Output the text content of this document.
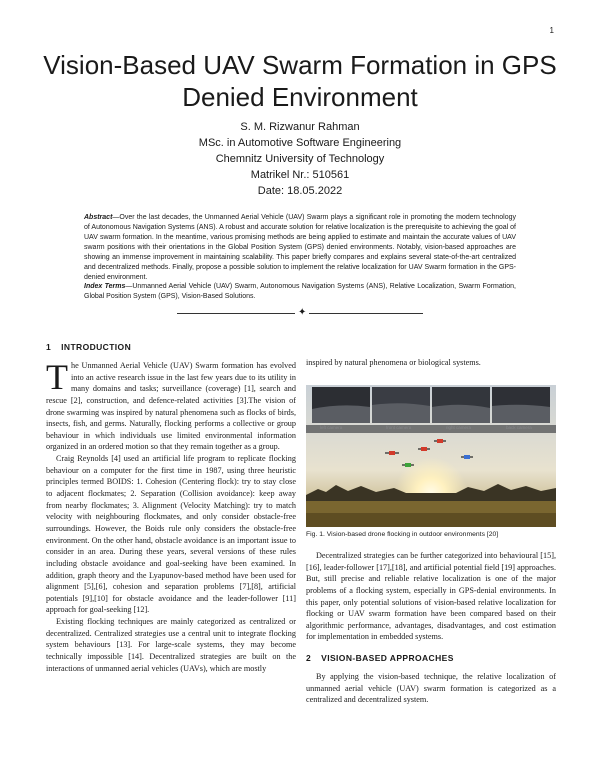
1
Vision-Based UAV Swarm Formation in GPS Denied Environment
S. M. Rizwanur Rahman
MSc. in Automotive Software Engineering
Chemnitz University of Technology
Matrikel Nr.: 510561
Date: 18.05.2022

Abstract—Over the last decades, the Unmanned Aerial Vehicle (UAV) Swarm plays a significant role in promoting the modern technology of Autonomous Navigation Systems (ANS). A robust and accurate solution for relative localization is the prerequisite to achieving the goal of UAV swarm formation. In the meantime, various promising methods are being applied to estimate and maintain the accurate values of UAV swarm positions with their orientations in the Global Position System (GPS) denied environments. Notably, vision-based approaches are showing an immense improvement in maintaining scalability. This paper briefly compares and explains several state-of-the-art centralized and decentralized methods. Finally, propose a possible solution to implement the relative localization for UAV Swarm formation in the GPS-denied environment.

Index Terms—Unmanned Aerial Vehicle (UAV) Swarm, Autonomous Navigation Systems (ANS), Relative Localization, Swarm Formation, Global Position System (GPS), Vision-Based Solutions.

✦
1 INTRODUCTION

The Unmanned Aerial Vehicle (UAV) Swarm formation has evolved into an active research issue in the last few years due to its utility in many domains and tasks; surveillance (coverage) [1], search and rescue [2], construction, and defence-related activities [3].The vision of drone swarming was inspired by natural phenomena such as flocks of birds, insects, fish, and germs. Naturally, flocking performs a collective or group behaviour in which individuals use limited environmental information organized in an ordered motion so that they remain together as a group.

Craig Reynolds [4] used an artificial life program to replicate flocking behaviour on a computer for the first time in 1987, using three heuristic principles termed BOIDS: 1. Cohesion (Centering flock): try to stay close to adjacent flockmates; 2. Separation (Collision avoidance): keep away from nearby flockmates; 3. Alignment (Velocity Matching): try to match velocity with neighbouring flockmates, and only consider obstacle-free surroundings. However, the Boids rule only considers the obstacle-free environment. On the other hand, obstacle avoidance is an important issue to consider in an area. During these years, several versions of these rules including obstacle avoidance and goal-seeking have been examined. In addition, graph theory and the Lyapunov-based method have been used for alignment [5],[6], cohesion and separation problems [7],[8], artificial potentials [9],[10] for obstacle avoidance and the leader-follower [11] approach for goal-seeking [12].

Existing flocking techniques are mainly categorized as centralized or decentralized. Centralized strategies use a central unit to integrate flocking system behaviours [13]. For large-scale systems, they may become technically impossible [14]. Decentralized strategies are built on the interactions of unmanned aerial vehicles (UAVs), which are mostly

inspired by natural phenomena or biological systems.

Fig. 1. Vision-based drone flocking in outdoor environments [20]

Decentralized strategies can be further categorized into behavioural [15],[16], leader-follower [17],[18], and artificial potential field [19] approaches. But, still precise and reliable relative localization is one of the major problems of a flocking system, especially in GPS-denial environments. In this paper, only potential solutions of vision-based relative localization for flocking or UAV swarm formation have been compared based on their algorithmic performance, advantages, disadvantages, and cost estimation for implementation in embedded systems.

2 VISION-BASED APPROACHES

By applying the vision-based technique, the relative localization of unmanned aerial vehicle (UAV) swarm formation is categorized as a centralized and decentralized system.
